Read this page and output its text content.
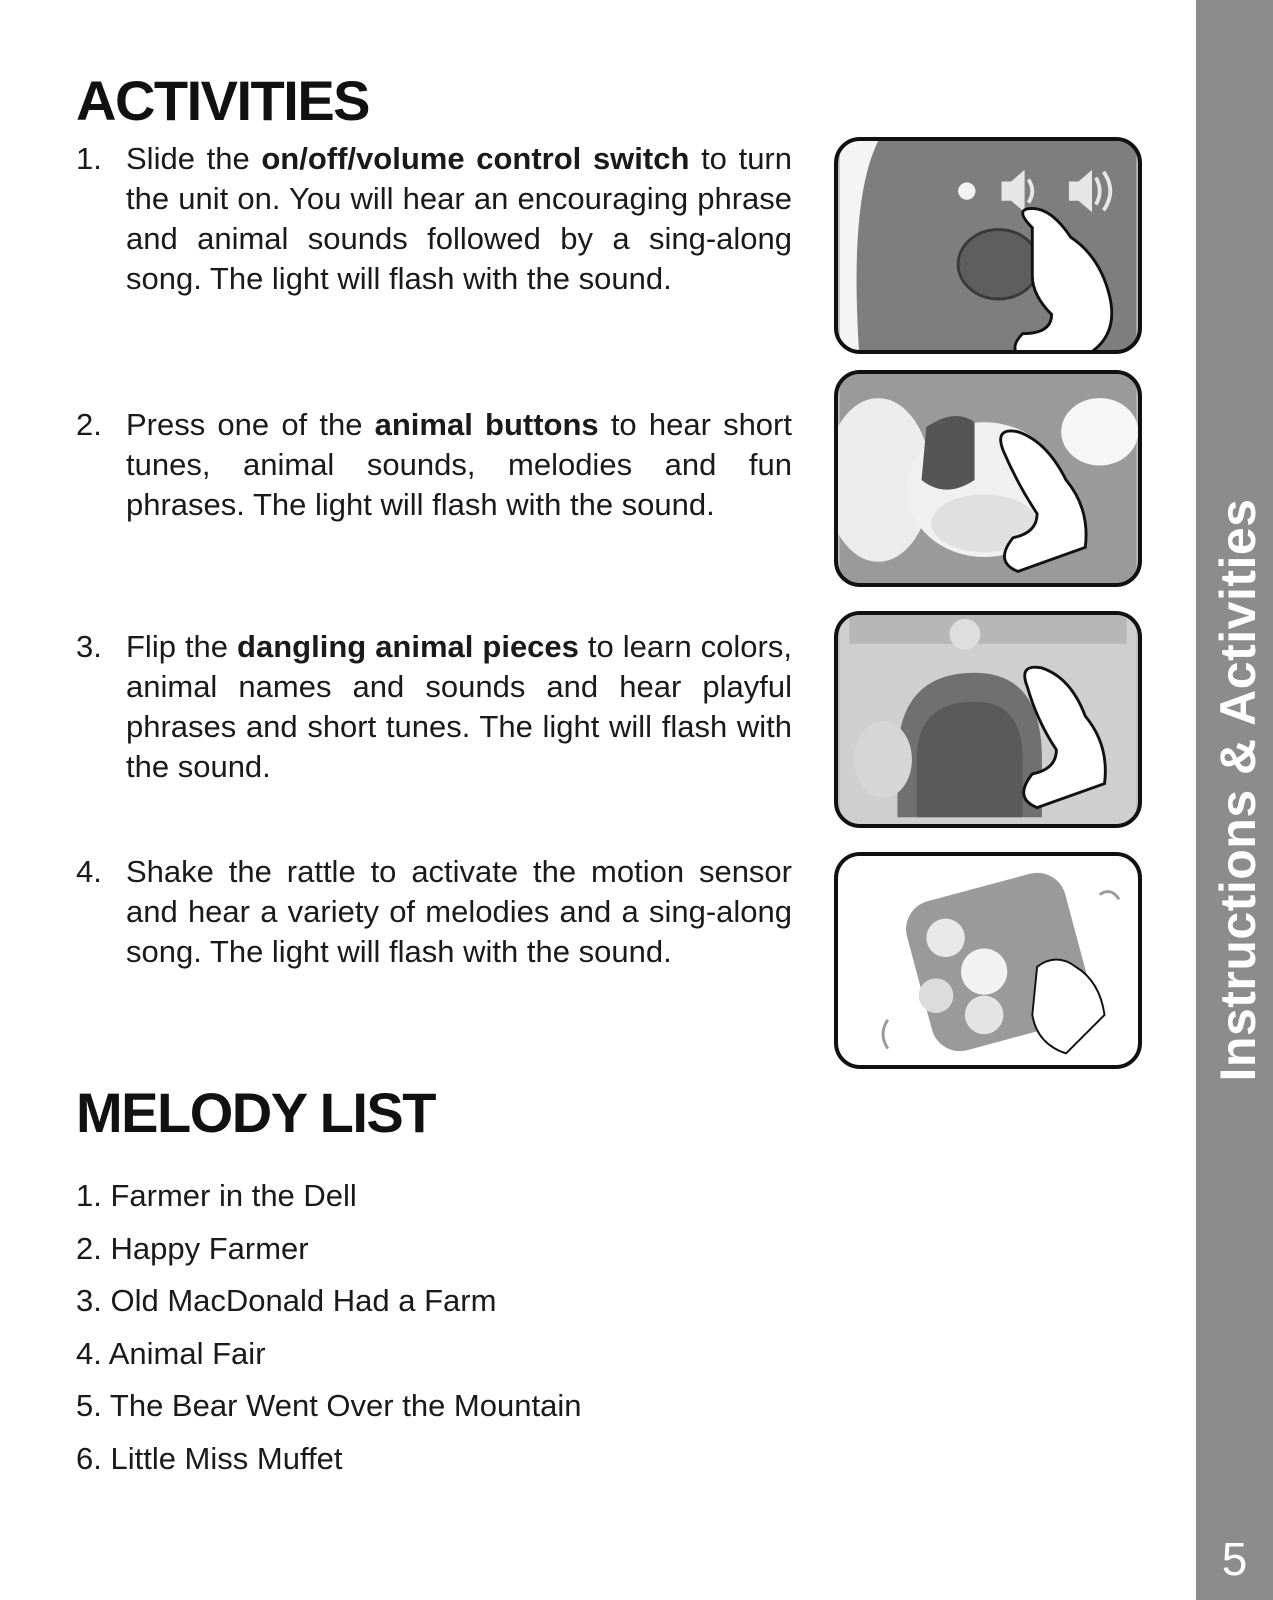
ACTIVITIES
1. Slide the on/off/volume control switch to turn the unit on. You will hear an encouraging phrase and animal sounds followed by a sing-along song. The light will flash with the sound.
2. Press one of the animal buttons to hear short tunes, animal sounds, melodies and fun phrases. The light will flash with the sound.
3. Flip the dangling animal pieces to learn colors, animal names and sounds and hear playful phrases and short tunes. The light will flash with the sound.
4. Shake the rattle to activate the motion sensor and hear a variety of melodies and a sing-along song. The light will flash with the sound.
MELODY LIST
1. Farmer in the Dell
2. Happy Farmer
3. Old MacDonald Had a Farm
4. Animal Fair
5. The Bear Went Over the Mountain
6. Little Miss Muffet
Instructions & Activities
5
